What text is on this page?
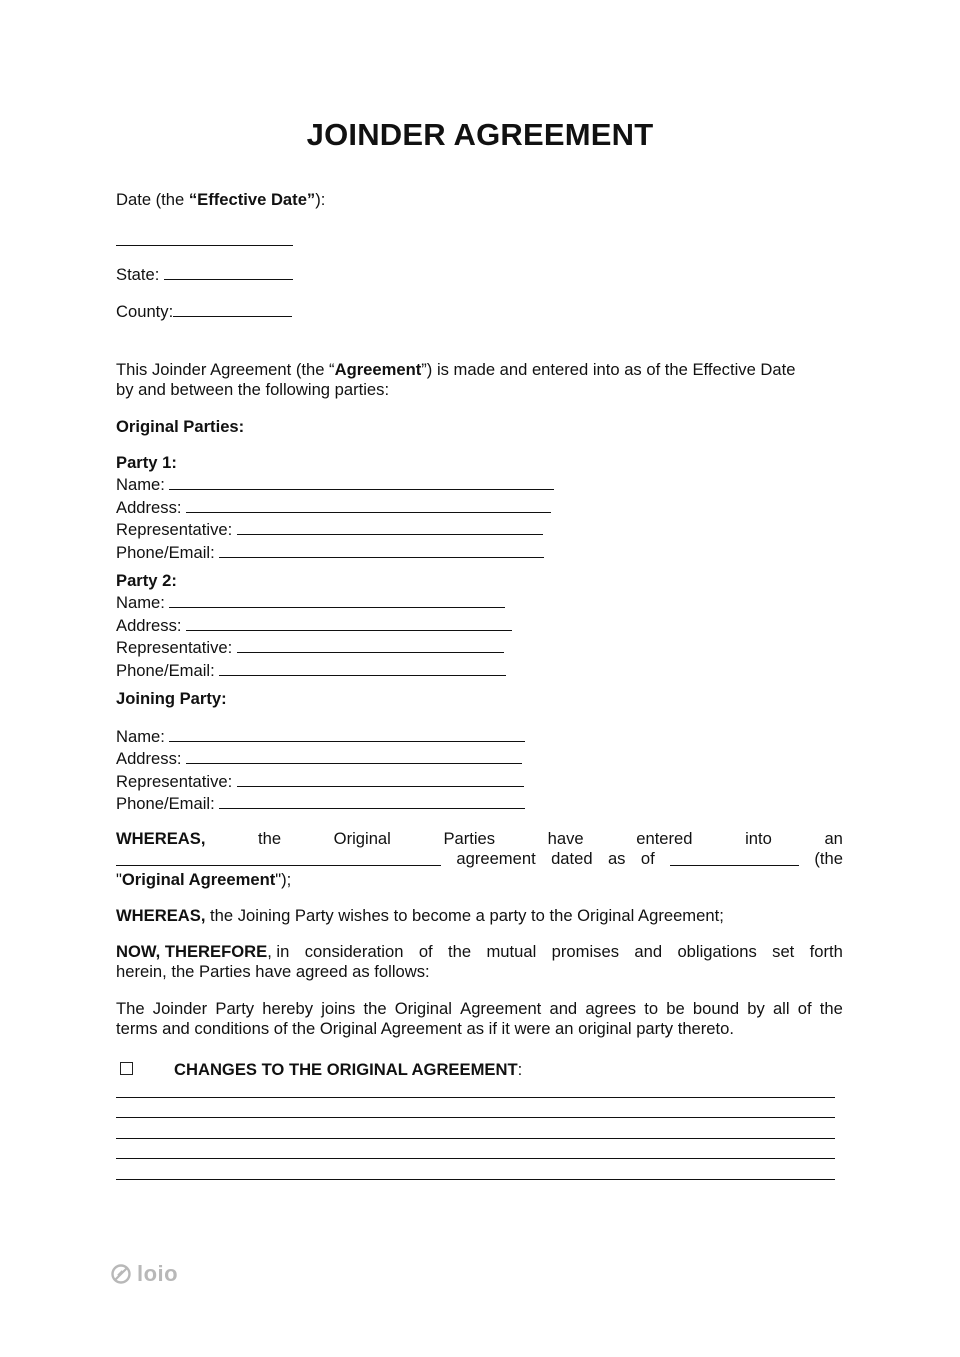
JOINDER AGREEMENT
Date (the “Effective Date”):
State:
County:
This Joinder Agreement (the “Agreement”) is made and entered into as of the Effective Date
by and between the following parties:
Original Parties:
Party 1:
Name:
Address:
Representative:
Phone/Email:
Party 2:
Name:
Address:
Representative:
Phone/Email:
Joining Party:
Name:
Address:
Representative:
Phone/Email:
WHEREAS,	the	Original	Parties	have	entered	into	an
agreement dated as of	(the
"Original Agreement");
WHEREAS, the Joining Party wishes to become a party to the Original Agreement;
NOW, THEREFORE, in consideration of the mutual promises and obligations set forth
herein, the Parties have agreed as follows:
The Joinder Party hereby joins the Original Agreement and agrees to be bound by all of the
terms and conditions of the Original Agreement as if it were an original party thereto.
CHANGES TO THE ORIGINAL AGREEMENT:
loio
